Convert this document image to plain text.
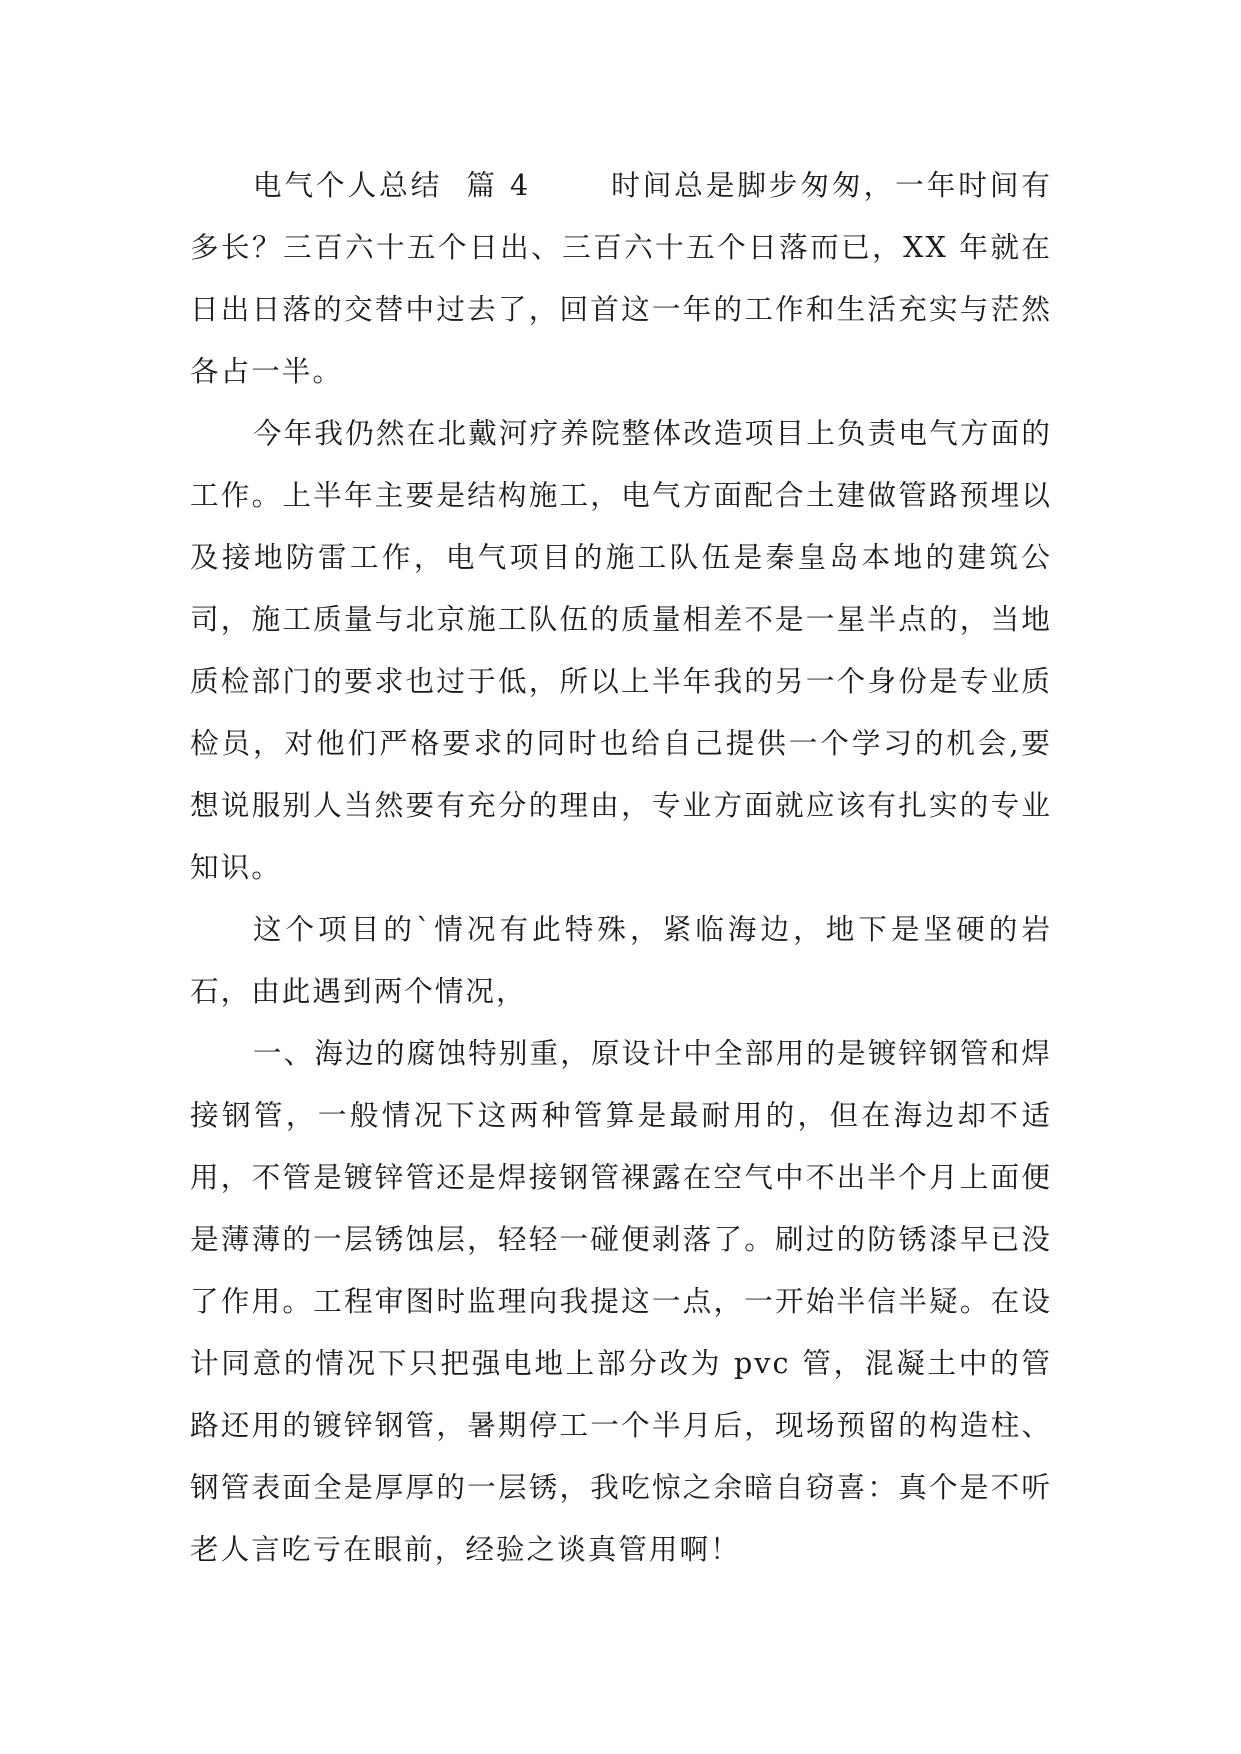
电气个人总结  篇 4	时间总是脚步匆匆，一年时间有多长？三百六十五个日出、三百六十五个日落而已，XX 年就在日出日落的交替中过去了，回首这一年的工作和生活充实与茫然各占一半。

今年我仍然在北戴河疗养院整体改造项目上负责电气方面的工作。上半年主要是结构施工，电气方面配合土建做管路预埋以及接地防雷工作，电气项目的施工队伍是秦皇岛本地的建筑公司，施工质量与北京施工队伍的质量相差不是一星半点的，当地质检部门的要求也过于低，所以上半年我的另一个身份是专业质检员，对他们严格要求的同时也给自己提供一个学习的机会,要想说服别人当然要有充分的理由，专业方面就应该有扎实的专业知识。

这个项目的`情况有此特殊，紧临海边，地下是坚硬的岩石，由此遇到两个情况，

一、海边的腐蚀特别重，原设计中全部用的是镀锌钢管和焊接钢管，一般情况下这两种管算是最耐用的，但在海边却不适用，不管是镀锌管还是焊接钢管裸露在空气中不出半个月上面便是薄薄的一层锈蚀层，轻轻一碰便剥落了。刷过的防锈漆早已没了作用。工程审图时监理向我提这一点，一开始半信半疑。在设计同意的情况下只把强电地上部分改为 pvc 管，混凝土中的管路还用的镀锌钢管，暑期停工一个半月后，现场预留的构造柱、钢管表面全是厚厚的一层锈，我吃惊之余暗自窃喜：真个是不听老人言吃亏在眼前，经验之谈真管用啊！
